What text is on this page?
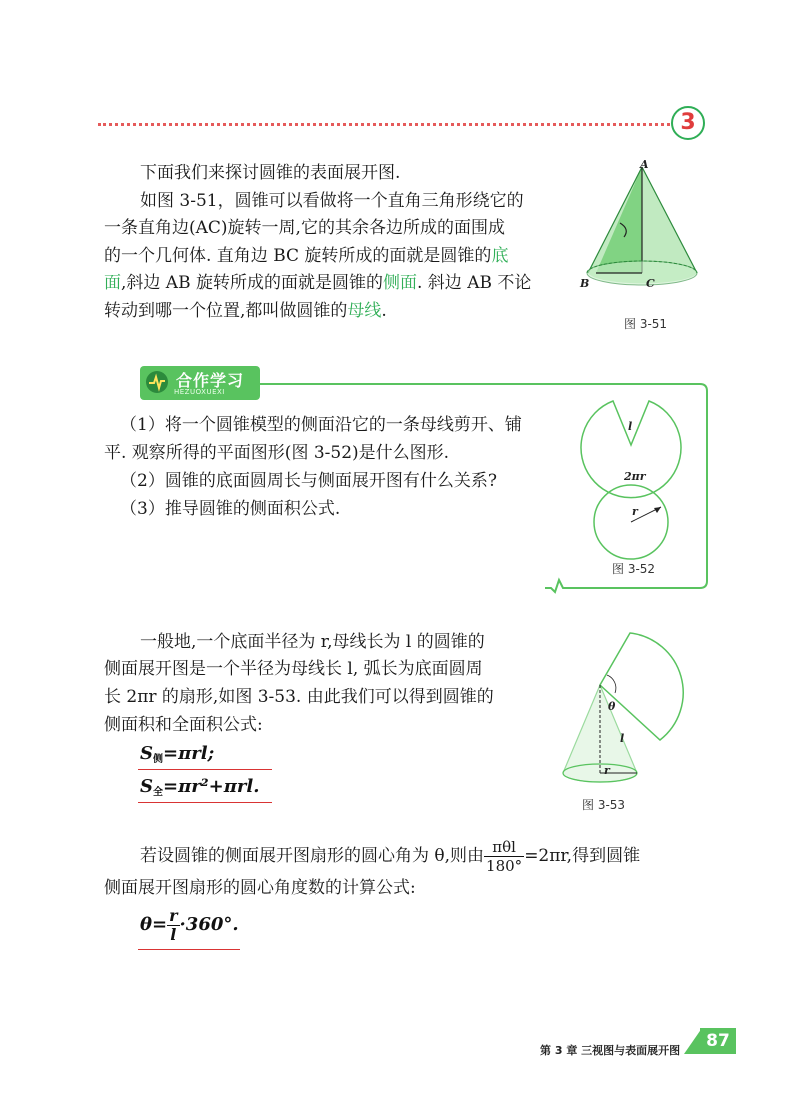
3

下面我们来探讨圆锥的表面展开图.

如图 3-51，圆锥可以看做将一个直角三角形绕它的

一条直角边(AC)旋转一周,它的其余各边所成的面围成

的一个几何体. 直角边 BC 旋转所成的面就是圆锥的底

面,斜边 AB 旋转所成的面就是圆锥的侧面. 斜边 AB 不论

转动到哪一个位置,都叫做圆锥的母线.

A
B	C
图 3-51
合作学习
HEZUOXUEXI

（1）将一个圆锥模型的侧面沿它的一条母线剪开、铺

平. 观察所得的平面图形(图 3-52)是什么图形.

（2）圆锥的底面圆周长与侧面展开图有什么关系?

（3）推导圆锥的侧面积公式.

l
2πr
r
图 3-52

一般地,一个底面半径为 r,母线长为 l 的圆锥的

侧面展开图是一个半径为母线长 l, 弧长为底面圆周

长 2πr 的扇形,如图 3-53. 由此我们可以得到圆锥的

侧面积和全面积公式:

$S_侧=\pi rl$;
$S_全=\pi r^2+\pi rl$.
θ
l
r
图 3-53

若设圆锥的侧面展开图扇形的圆心角为 θ,则由 $\frac{\text{πθl}}{180^\circ} =2\pi r$,得到圆锥

侧面展开图扇形的圆心角度数的计算公式:

$\theta= \frac{r}{l} \cdot 360^\circ$.
第 3 章 三视图与表面展开图	87
